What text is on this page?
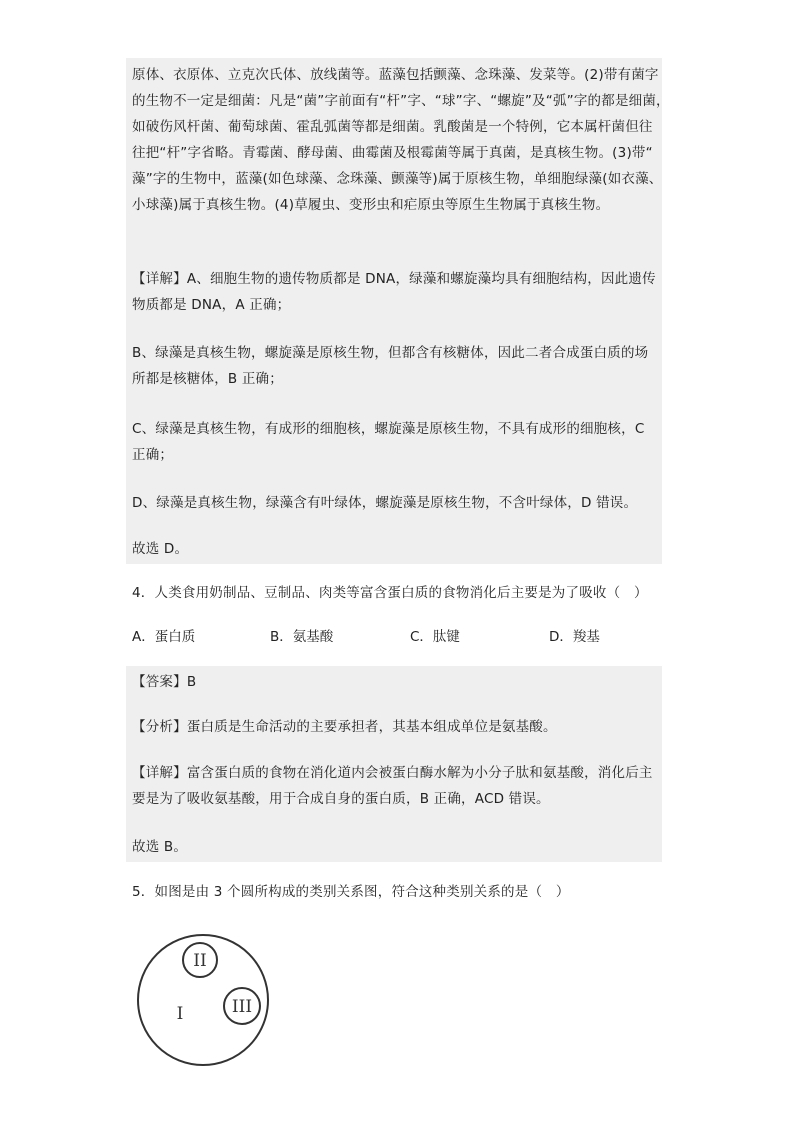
原体、衣原体、立克次氏体、放线菌等。蓝藻包括颤藻、念珠藻、发菜等。(2)带有菌字
的生物不一定是细菌：凡是“菌”字前面有“杆”字、“球”字、“螺旋”及“弧”字的都是细菌，
如破伤风杆菌、葡萄球菌、霍乱弧菌等都是细菌。乳酸菌是一个特例，它本属杆菌但往
往把“杆”字省略。青霉菌、酵母菌、曲霉菌及根霉菌等属于真菌，是真核生物。(3)带“
藻”字的生物中，蓝藻(如色球藻、念珠藻、颤藻等)属于原核生物，单细胞绿藻(如衣藻、
小球藻)属于真核生物。(4)草履虫、变形虫和疟原虫等原生生物属于真核生物。
【详解】A、细胞生物的遗传物质都是 DNA，绿藻和螺旋藻均具有细胞结构，因此遗传
物质都是 DNA，A 正确；
B、绿藻是真核生物，螺旋藻是原核生物，但都含有核糖体，因此二者合成蛋白质的场
所都是核糖体，B 正确；
C、绿藻是真核生物，有成形的细胞核，螺旋藻是原核生物，不具有成形的细胞核，C
正确；
D、绿藻是真核生物，绿藻含有叶绿体，螺旋藻是原核生物，不含叶绿体，D 错误。
故选 D。
4．人类食用奶制品、豆制品、肉类等富含蛋白质的食物消化后主要是为了吸收（　）
A．蛋白质	B．氨基酸	C．肽键	D．羧基
【答案】B
【分析】蛋白质是生命活动的主要承担者，其基本组成单位是氨基酸。
【详解】富含蛋白质的食物在消化道内会被蛋白酶水解为小分子肽和氨基酸，消化后主
要是为了吸收氨基酸，用于合成自身的蛋白质，B 正确，ACD 错误。
故选 B。
5．如图是由 3 个圆所构成的类别关系图，符合这种类别关系的是（　）
I
II
III
